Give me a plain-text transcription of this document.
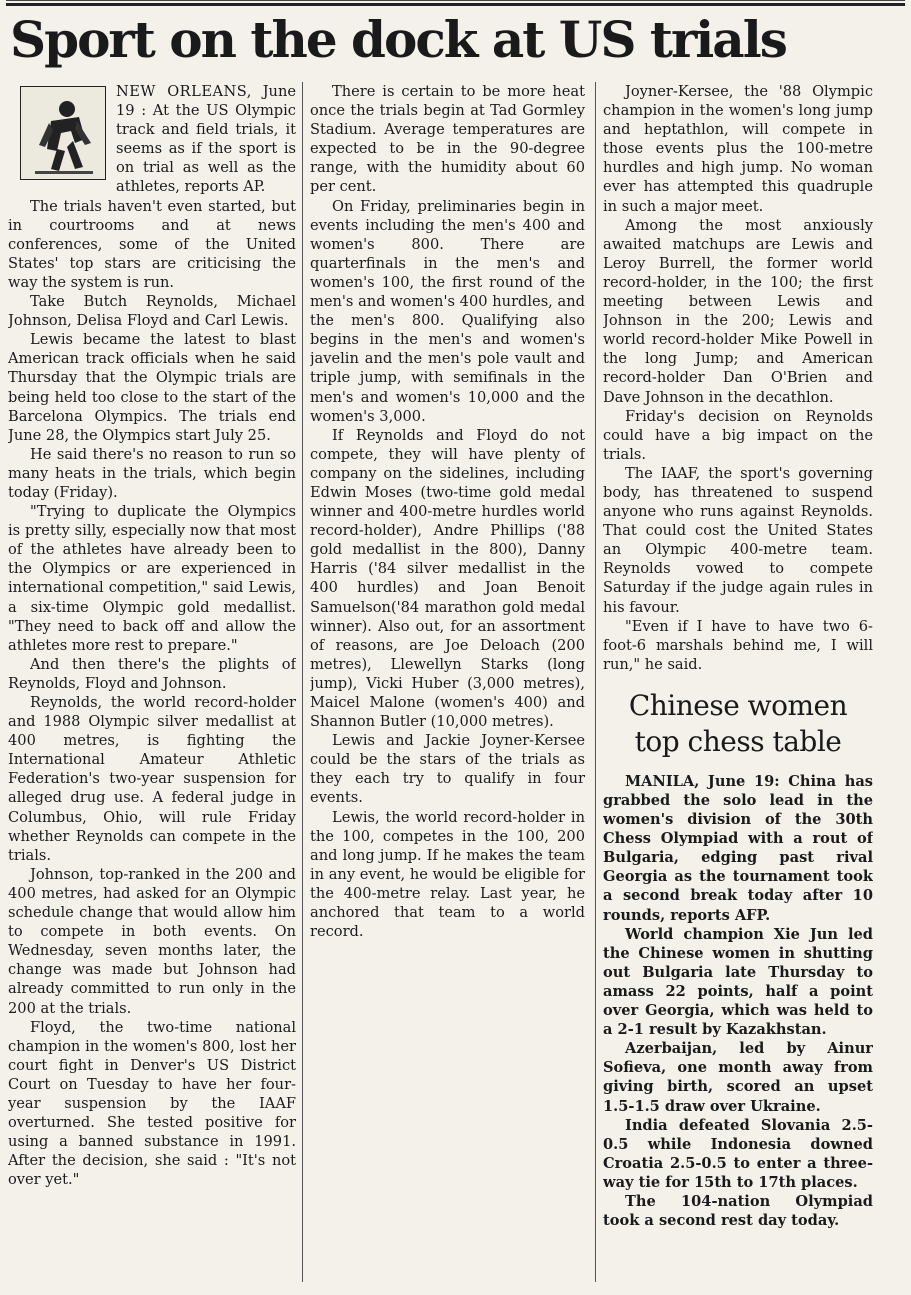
Sport on the dock at US trials

NEW ORLEANS, June 19 : At the US Olympic track and field trials, it seems as if the sport is on trial as well as the athletes, reports AP.

The trials haven't even started, but in courtrooms and at news conferences, some of the United States' top stars are criticising the way the system is run.

Take Butch Reynolds, Michael Johnson, Delisa Floyd and Carl Lewis.

Lewis became the latest to blast American track officials when he said Thursday that the Olympic trials are being held too close to the start of the Barcelona Olympics. The trials end June 28, the Olympics start July 25.

He said there's no reason to run so many heats in the trials, which begin today (Friday).

"Trying to duplicate the Olympics is pretty silly, especially now that most of the athletes have already been to the Olympics or are experienced in international competition," said Lewis, a six-time Olympic gold medallist. "They need to back off and allow the athletes more rest to prepare."

And then there's the plights of Reynolds, Floyd and Johnson.

Reynolds, the world record-holder and 1988 Olympic silver medallist at 400 metres, is fighting the International Amateur Athletic Federation's two-year suspension for alleged drug use. A federal judge in Columbus, Ohio, will rule Friday whether Reynolds can compete in the trials.

Johnson, top-ranked in the 200 and 400 metres, had asked for an Olympic schedule change that would allow him to compete in both events. On Wednesday, seven months later, the change was made but Johnson had already committed to run only in the 200 at the trials.

Floyd, the two-time national champion in the women's 800, lost her court fight in Denver's US District Court on Tuesday to have her four-year suspension by the IAAF overturned. She tested positive for using a banned substance in 1991. After the decision, she said : "It's not over yet."

There is certain to be more heat once the trials begin at Tad Gormley Stadium. Average temperatures are expected to be in the 90-degree range, with the humidity about 60 per cent.

On Friday, preliminaries begin in events including the men's 400 and women's 800. There are quarterfinals in the men's and women's 100, the first round of the men's and women's 400 hurdles, and the men's 800. Qualifying also begins in the men's and women's javelin and the men's pole vault and triple jump, with semifinals in the men's and women's 10,000 and the women's 3,000.

If Reynolds and Floyd do not compete, they will have plenty of company on the sidelines, including Edwin Moses (two-time gold medal winner and 400-metre hurdles world record-holder), Andre Phillips ('88 gold medallist in the 800), Danny Harris ('84 silver medallist in the 400 hurdles) and Joan Benoit Samuelson('84 marathon gold medal winner). Also out, for an assortment of reasons, are Joe Deloach (200 metres), Llewellyn Starks (long jump), Vicki Huber (3,000 metres), Maicel Malone (women's 400) and Shannon Butler (10,000 metres).

Lewis and Jackie Joyner-Kersee could be the stars of the trials as they each try to qualify in four events.

Lewis, the world record-holder in the 100, competes in the 100, 200 and long jump. If he makes the team in any event, he would be eligible for the 400-metre relay. Last year, he anchored that team to a world record.

Joyner-Kersee, the '88 Olympic champion in the women's long jump and heptathlon, will compete in those events plus the 100-metre hurdles and high jump. No woman ever has attempted this quadruple in such a major meet.

Among the most anxiously awaited matchups are Lewis and Leroy Burrell, the former world record-holder, in the 100; the first meeting between Lewis and Johnson in the 200; Lewis and world record-holder Mike Powell in the long Jump; and American record-holder Dan O'Brien and Dave Johnson in the decathlon.

Friday's decision on Reynolds could have a big impact on the trials.

The IAAF, the sport's governing body, has threatened to suspend anyone who runs against Reynolds. That could cost the United States an Olympic 400-metre team. Reynolds vowed to compete Saturday if the judge again rules in his favour.

"Even if I have to have two 6-foot-6 marshals behind me, I will run," he said.

Chinese women
top chess table

MANILA, June 19: China has grabbed the solo lead in the women's division of the 30th Chess Olympiad with a rout of Bulgaria, edging past rival Georgia as the tournament took a second break today after 10 rounds, reports AFP.

World champion Xie Jun led the Chinese women in shutting out Bulgaria late Thursday to amass 22 points, half a point over Georgia, which was held to a 2-1 result by Kazakhstan.

Azerbaijan, led by Ainur Sofieva, one month away from giving birth, scored an upset 1.5-1.5 draw over Ukraine.

India defeated Slovania 2.5-0.5 while Indonesia downed Croatia 2.5-0.5 to enter a three- way tie for 15th to 17th places.

The 104-nation Olympiad took a second rest day today.
